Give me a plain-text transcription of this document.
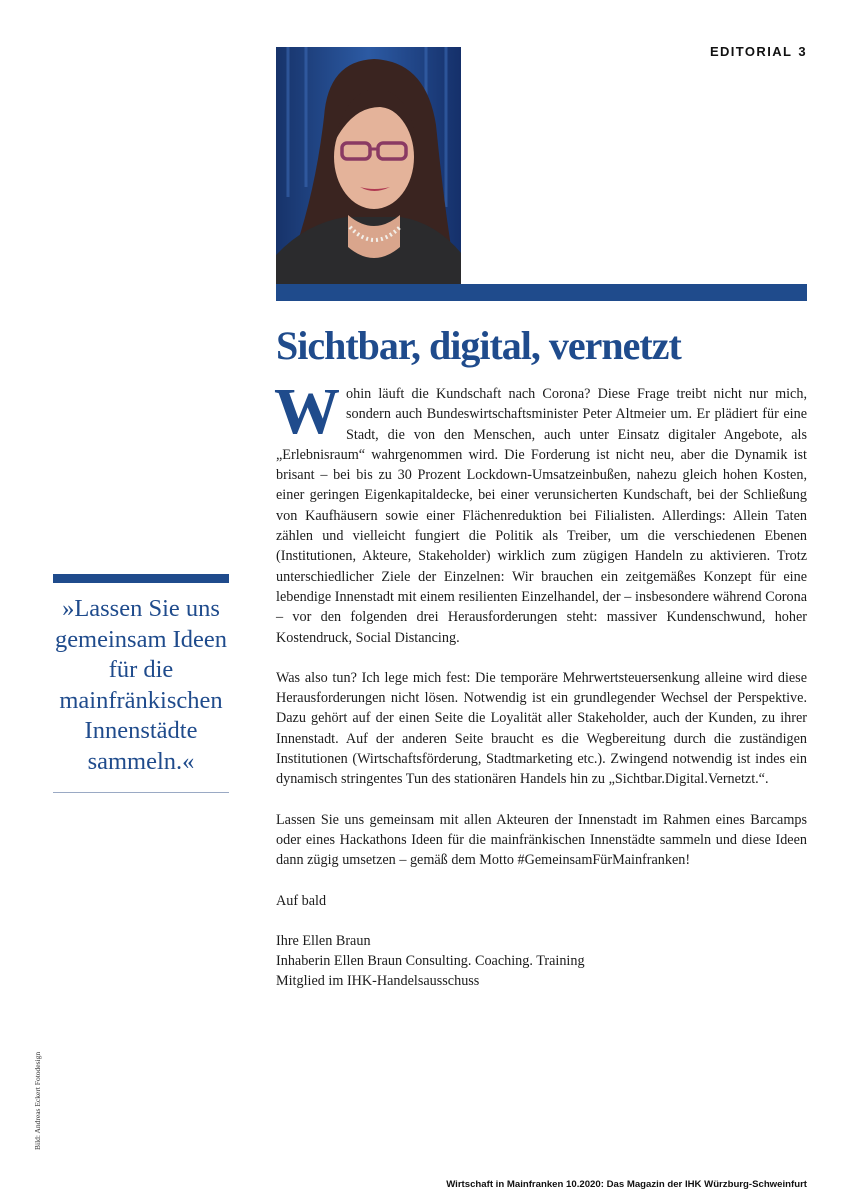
EDITORIAL 3
Sichtbar, digital, vernetzt

Wohin läuft die Kundschaft nach Corona? Diese Frage treibt nicht nur mich, sondern auch Bundeswirtschaftsminister Peter Altmeier um. Er plädiert für eine Stadt, die von den Menschen, auch unter Einsatz digitaler Angebote, als „Erlebnisraum“ wahrgenommen wird. Die Forderung ist nicht neu, aber die Dynamik ist brisant – bei bis zu 30 Prozent Lockdown-Umsatzeinbußen, nahezu gleich hohen Kosten, einer geringen Eigenkapitaldecke, bei einer verunsicherten Kundschaft, bei der Schließung von Kaufhäusern sowie einer Flächenreduktion bei Filialisten. Allerdings: Allein Taten zählen und vielleicht fungiert die Politik als Treiber, um die verschiedenen Ebenen (Institutionen, Akteure, Stakeholder) wirklich zum zügigen Handeln zu aktivieren. Trotz unterschiedlicher Ziele der Einzelnen: Wir brauchen ein zeitgemäßes Konzept für eine lebendige Innenstadt mit einem resilienten Einzelhandel, der – insbesondere während Corona – vor den folgenden drei Herausforderungen steht: massiver Kundenschwund, hoher Kostendruck, Social Distancing.

Was also tun? Ich lege mich fest: Die temporäre Mehrwertsteuersenkung alleine wird diese Herausforderungen nicht lösen. Notwendig ist ein grundlegender Wechsel der Perspektive. Dazu gehört auf der einen Seite die Loyalität aller Stakeholder, auch der Kunden, zu ihrer Innenstadt. Auf der anderen Seite braucht es die Wegbereitung durch die zuständigen Institutionen (Wirtschaftsförderung, Stadtmarketing etc.). Zwingend notwendig ist indes ein dynamisch stringentes Tun des stationären Handels hin zu „Sichtbar.Digital.Vernetzt.“.

Lassen Sie uns gemeinsam mit allen Akteuren der Innenstadt im Rahmen eines Barcamps oder eines Hackathons Ideen für die mainfränkischen Innenstädte sammeln und diese Ideen dann zügig umsetzen – gemäß dem Motto #GemeinsamFürMainfranken!

Auf bald

Ihre Ellen Braun

Inhaberin Ellen Braun Consulting. Coaching. Training

Mitglied im IHK-Handelsausschuss

»Lassen Sie uns gemeinsam Ideen für die mainfränkischen Innenstädte sammeln.«
Bild: Andreas Eckert Fotodesign
Wirtschaft in Mainfranken 10.2020: Das Magazin der IHK Würzburg-Schweinfurt
